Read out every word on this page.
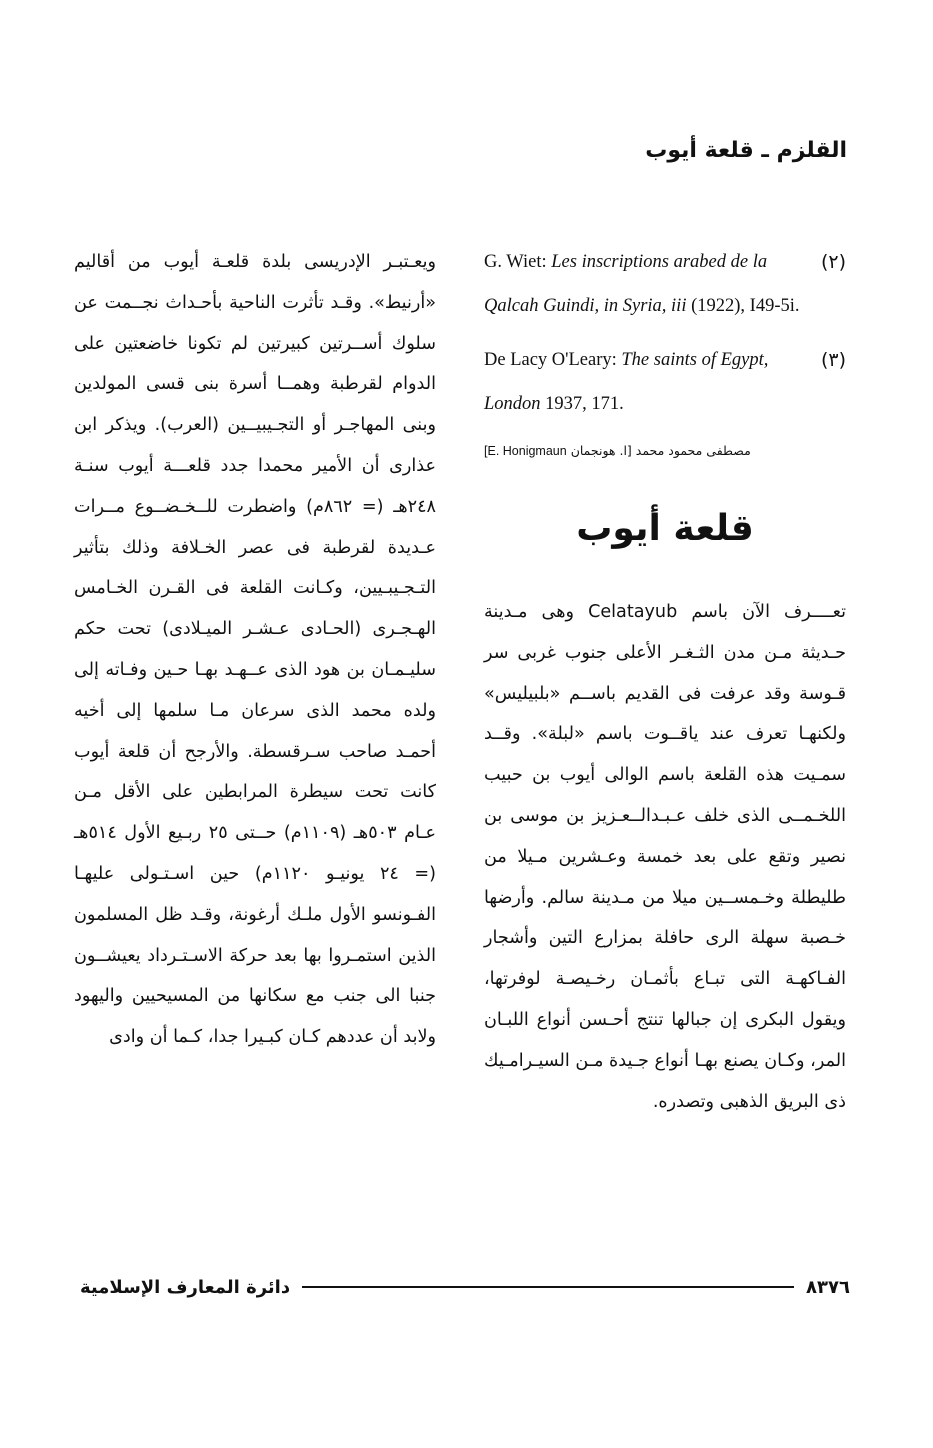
القلزم ـ قلعة أيوب
(٢)
G. Wiet: Les inscriptions arabed de la Qalcah Guindi, in Syria, iii (1922), I49-5i.
(٣)
De Lacy O'Leary: The saints of Egypt, London 1937, 171.
مصطفى محمود محمد [ا. هونجمان E. Honigmaun]
قلعة أيوب

تعــــرف الآن باسم Celatayub وهى مـدينة حـديثة مـن مدن الثـغـر الأعلى جنوب غربى سر قـوسة وقد عرفت فى القديم باســم «بلبيليس» ولكنهـا تعرف عند ياقــوت باسم «لبلة». وقــد سمـيت هذه القلعة باسم الوالى أيوب بن حبيب اللخـمــى الذى خلف عـبـدالــعـزيز بن موسى بن نصير وتقع على بعد خمسة وعـشرين مـيلا من طليطلة وخـمســين ميلا من مـدينة سالم. وأرضها خـصبة سهلة الرى حافلة بمزارع التين وأشجار الفـاكهـة التى تبـاع بأثمـان رخـيصـة لوفرتها، ويقول البكرى إن جبالها تنتج أحـسن أنواع اللبـان المر، وكـان يصنع بهـا أنواع جـيدة مـن السيـرامـيك ذى البريق الذهبى وتصدره.

ويعـتبـر الإدريسى بلدة قلعـة أيوب من أقاليم «أرنيط». وقـد تأثرت الناحية بأحـداث نجــمت عن سلوك أســرتين كبيرتين لم تكونا خاضعتين على الدوام لقرطبة وهمــا أسرة بنى قسى المولدين وبنى المهاجـر أو التجـيبيــين (العرب). ويذكر ابن عذارى أن الأمير محمدا جدد قلعـــة أيوب سنـة ٢٤٨هـ (= ٨٦٢م) واضطرت للــخـضــوع مــرات عـديدة لقرطبة فى عصر الخـلافة وذلك بتأثير التـجـيبـيين، وكـانت القلعة فى القـرن الخـامس الهـجـرى (الحـادى عـشـر الميـلادى) تحت حكم سليـمـان بن هود الذى عــهـد بهـا حـين وفـاته إلى ولده محمد الذى سرعان مـا سلمها إلى أخيه أحمـد صاحب سـرقسطة. والأرجح أن قلعة أيوب كانت تحت سيطرة المرابطين على الأقل مـن عـام ٥٠٣هـ (١١٠٩م) حــتى ٢٥ ربـيع الأول ٥١٤هـ (= ٢٤ يونيـو ١١٢٠م) حين اسـتـولى عليهـا الفـونسو الأول ملـك أرغونة، وقـد ظل المسلمون الذين استمـروا بها بعد حركة الاسـتـرداد يعيشــون جنبا الى جنب مع سكانها من المسيحيين واليهود ولابد أن عددهم كـان كبـيرا جدا، كـما أن وادى

دائرة المعارف الإسلامية	٨٣٧٦
